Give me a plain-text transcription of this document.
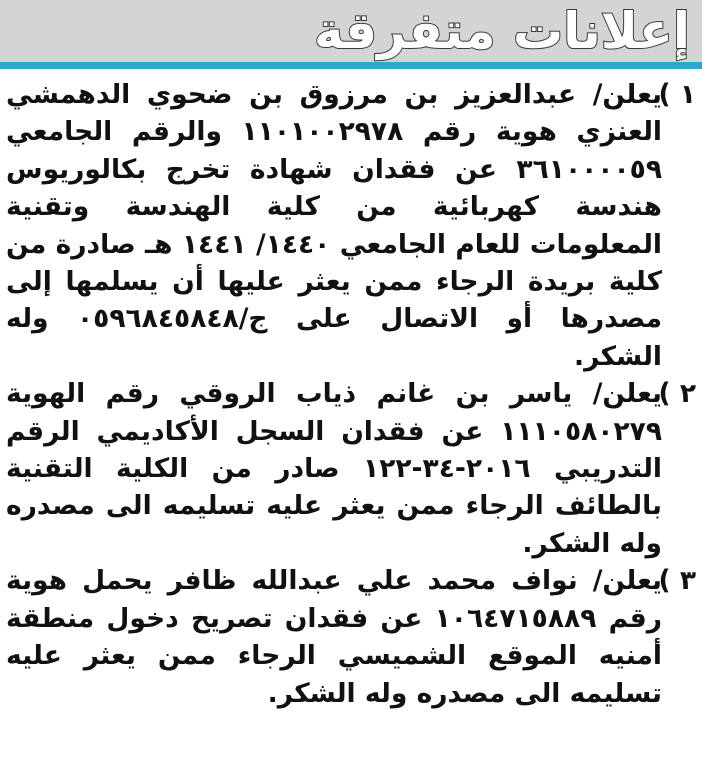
إعلانات متفرقة
١ )
يعلن/ عبدالعزيز بن مرزوق بن ضحوي الدهمشي العنزي هوية رقم ١١٠١٠٠٢٩٧٨ والرقم الجامعي ٣٦١٠٠٠٠٥٩ عن فقدان شهادة تخرج بكالوريوس هندسة كهربائية من كلية الهندسة وتقنية المعلومات للعام الجامعي ١٤٤٠/ ١٤٤١ هـ صادرة من كلية بريدة الرجاء ممن يعثر عليها أن يسلمها إلى مصدرها أو الاتصال على ج/٠٥٩٦٨٤٥٨٤٨ وله الشكر.
٢ )
يعلن/ ياسر بن غانم ذياب الروقي رقم الهوية ١١١٠٥٨٠٢٧٩ عن فقدان السجل الأكاديمي الرقم التدريبي ٢٠١٦-٣٤-١٢٢ صادر من الكلية التقنية بالطائف الرجاء ممن يعثر عليه تسليمه الى مصدره وله الشكر.
٣ )
يعلن/ نواف محمد علي عبدالله ظافر يحمل هوية رقم ١٠٦٤٧١٥٨٨٩ عن فقدان تصريح دخول منطقة أمنيه الموقع الشميسي الرجاء ممن يعثر عليه تسليمه الى مصدره وله الشكر.
